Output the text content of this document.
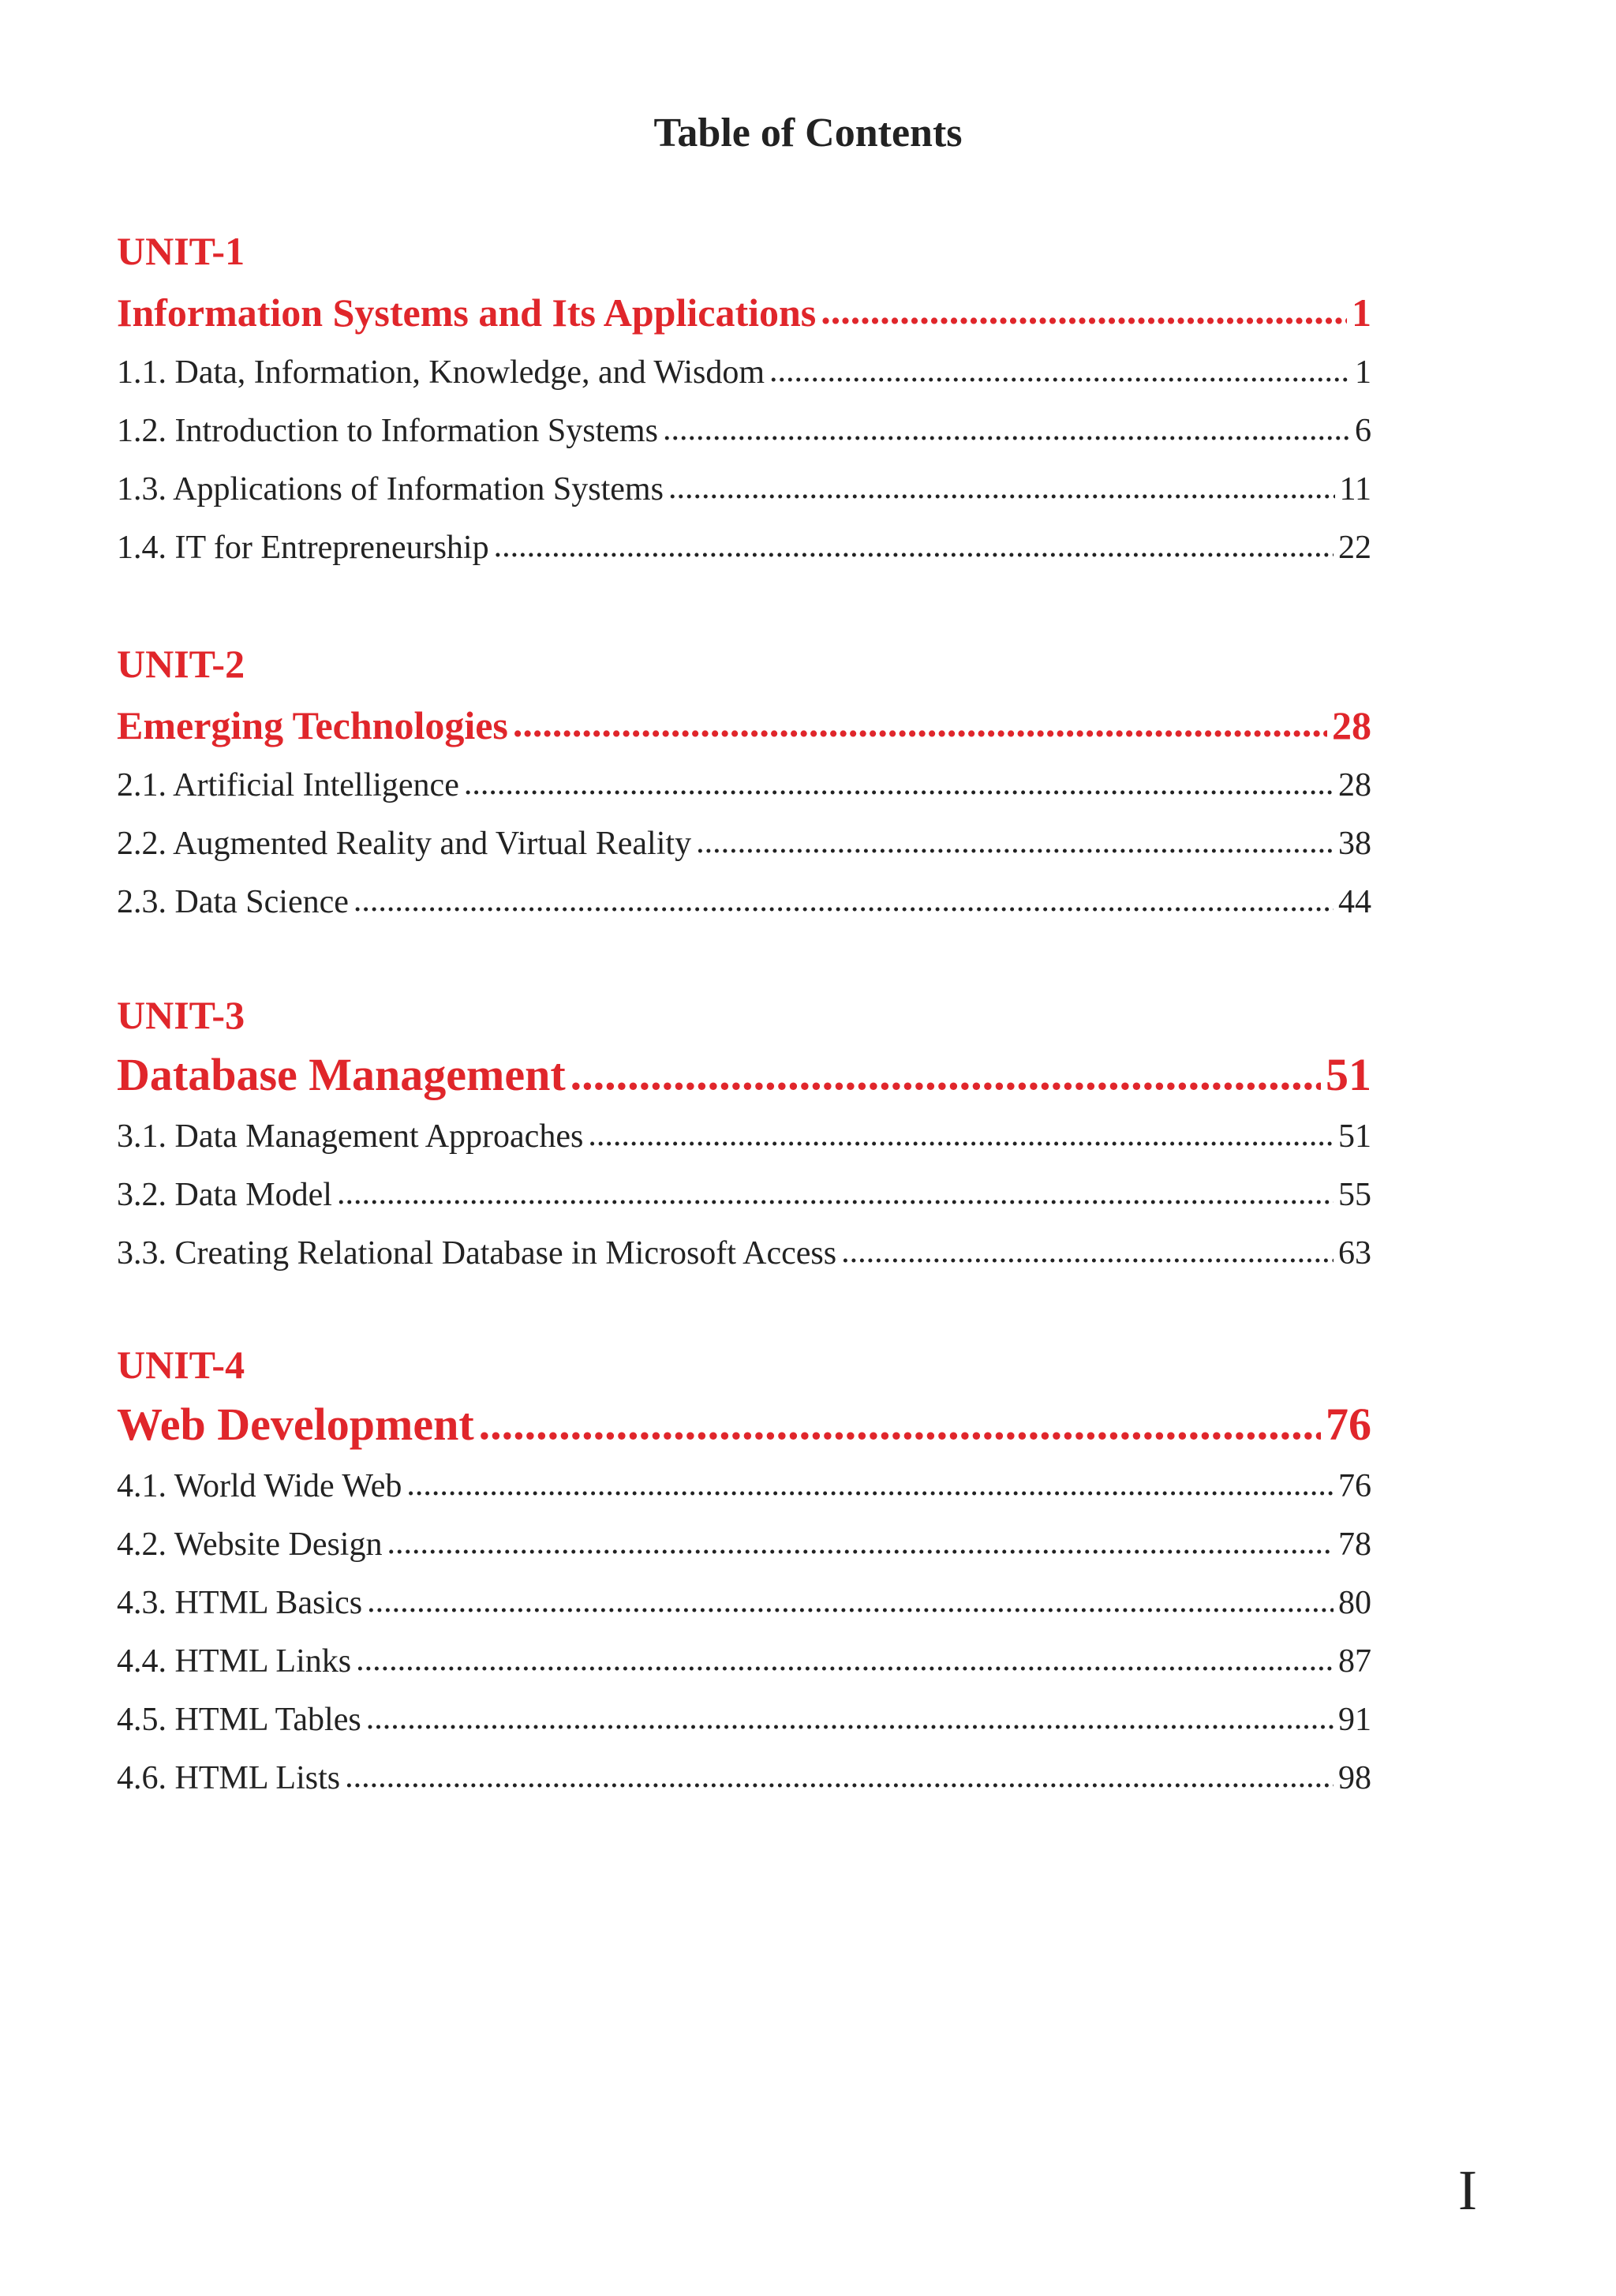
Table of Contents
UNIT-1
Information Systems and Its Applications .....	1
1.1. Data, Information, Knowledge, and Wisdom .....	1
1.2. Introduction to Information Systems .....	6
1.3. Applications of Information Systems .....	11
1.4. IT for Entrepreneurship .....	22
UNIT-2
Emerging Technologies .....	28
2.1. Artificial Intelligence .....	28
2.2. Augmented Reality and Virtual Reality .....	38
2.3. Data Science .....	44
UNIT-3
Database Management .....	51
3.1. Data Management Approaches .....	51
3.2. Data Model .....	55
3.3. Creating Relational Database in Microsoft Access .....	63
UNIT-4
Web Development .....	76
4.1. World Wide Web .....	76
4.2. Website Design .....	78
4.3. HTML Basics .....	80
4.4. HTML Links .....	87
4.5. HTML Tables .....	91
4.6. HTML Lists .....	98
I
